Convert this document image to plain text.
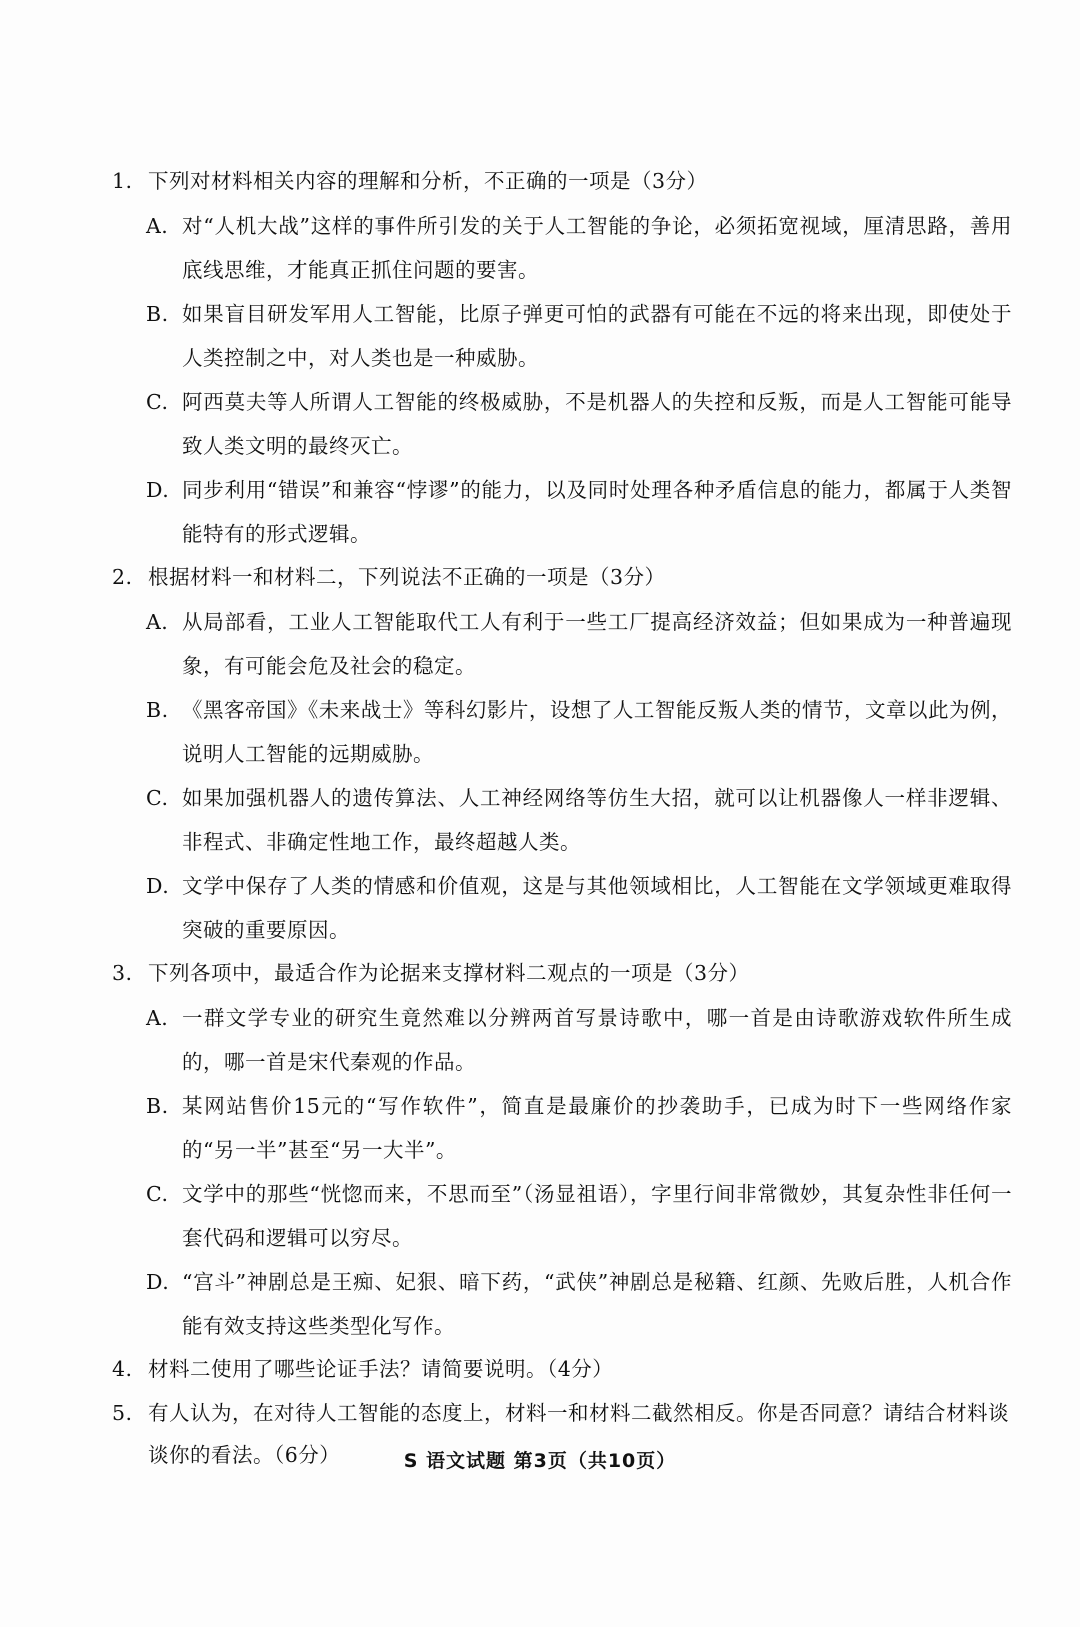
1. 下列对材料相关内容的理解和分析，不正确的一项是（3分）
A. 对“人机大战”这样的事件所引发的关于人工智能的争论，必须拓宽视域，厘清思路，善用底线思维，才能真正抓住问题的要害。
B. 如果盲目研发军用人工智能，比原子弹更可怕的武器有可能在不远的将来出现，即使处于人类控制之中，对人类也是一种威胁。
C. 阿西莫夫等人所谓人工智能的终极威胁，不是机器人的失控和反叛，而是人工智能可能导致人类文明的最终灭亡。
D. 同步利用“错误”和兼容“悖谬”的能力，以及同时处理各种矛盾信息的能力，都属于人类智能特有的形式逻辑。
2. 根据材料一和材料二，下列说法不正确的一项是（3分）
A. 从局部看，工业人工智能取代工人有利于一些工厂提高经济效益；但如果成为一种普遍现象，有可能会危及社会的稳定。
B. 《黑客帝国》《未来战士》等科幻影片，设想了人工智能反叛人类的情节，文章以此为例，说明人工智能的远期威胁。
C. 如果加强机器人的遗传算法、人工神经网络等仿生大招，就可以让机器像人一样非逻辑、非程式、非确定性地工作，最终超越人类。
D. 文学中保存了人类的情感和价值观，这是与其他领域相比，人工智能在文学领域更难取得突破的重要原因。
3. 下列各项中，最适合作为论据来支撑材料二观点的一项是（3分）
A. 一群文学专业的研究生竟然难以分辨两首写景诗歌中，哪一首是由诗歌游戏软件所生成的，哪一首是宋代秦观的作品。
B. 某网站售价15元的“写作软件”，简直是最廉价的抄袭助手，已成为时下一些网络作家的“另一半”甚至“另一大半”。
C. 文学中的那些“恍惚而来，不思而至”（汤显祖语），字里行间非常微妙，其复杂性非任何一套代码和逻辑可以穷尽。
D. “宫斗”神剧总是王痴、妃狠、暗下药，“武侠”神剧总是秘籍、红颜、先败后胜，人机合作能有效支持这些类型化写作。
4. 材料二使用了哪些论证手法？请简要说明。（4分）
5. 有人认为，在对待人工智能的态度上，材料一和材料二截然相反。你是否同意？请结合材料谈谈你的看法。（6分）	S 语文试题 第3页（共10页）
